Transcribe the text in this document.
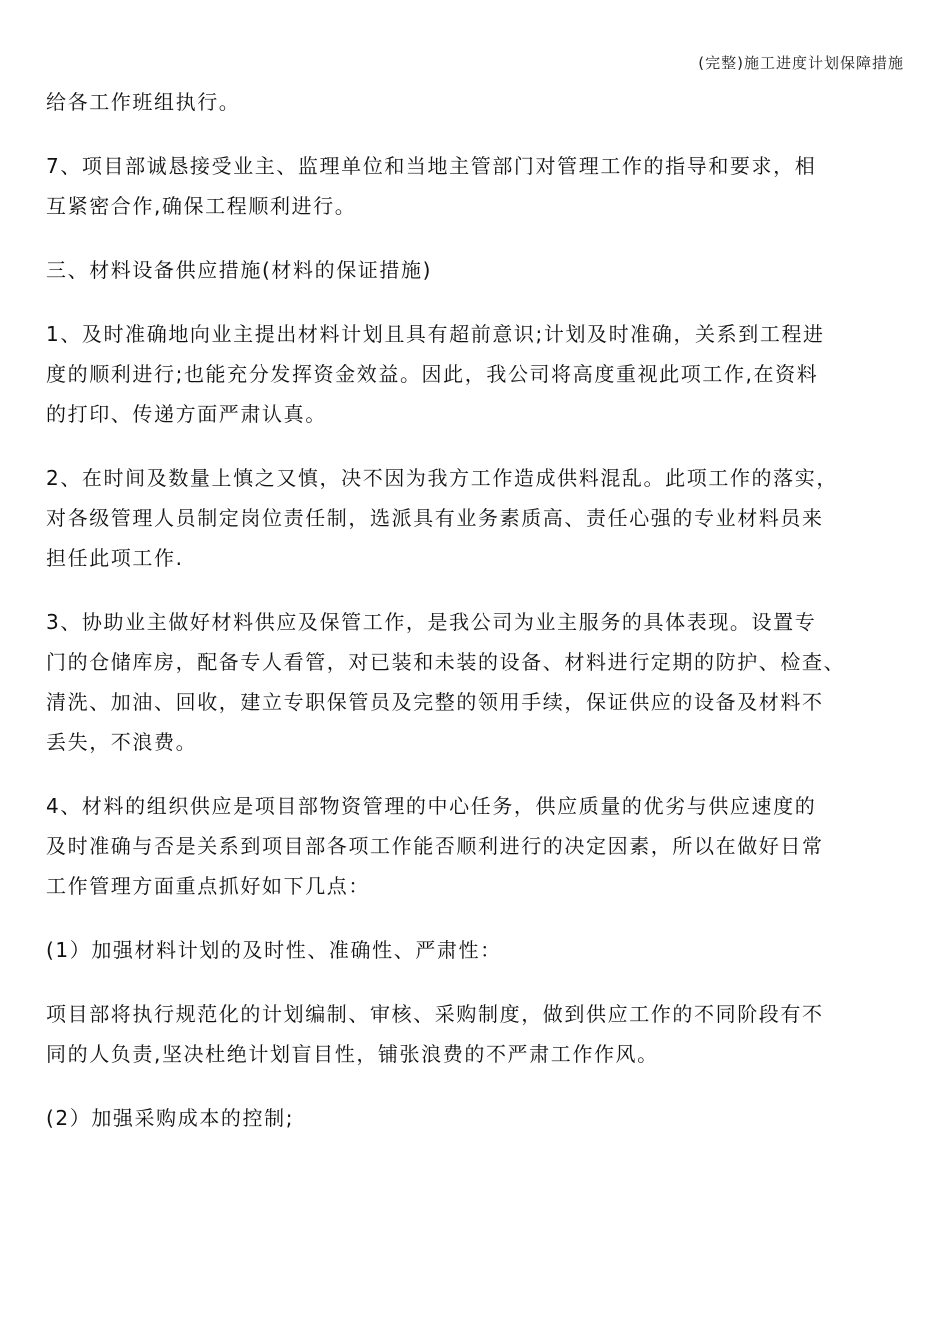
(完整)施工进度计划保障措施
给各工作班组执行。
7、项目部诚恳接受业主、监理单位和当地主管部门对管理工作的指导和要求，相
互紧密合作,确保工程顺利进行。
三、材料设备供应措施(材料的保证措施)
1、及时准确地向业主提出材料计划且具有超前意识;计划及时准确，关系到工程进
度的顺利进行;也能充分发挥资金效益。因此，我公司将高度重视此项工作,在资料
的打印、传递方面严肃认真。
2、在时间及数量上慎之又慎，决不因为我方工作造成供料混乱。此项工作的落实，
对各级管理人员制定岗位责任制，选派具有业务素质高、责任心强的专业材料员来
担任此项工作.
3、协助业主做好材料供应及保管工作，是我公司为业主服务的具体表现。设置专
门的仓储库房，配备专人看管，对已装和未装的设备、材料进行定期的防护、检查、
清洗、加油、回收，建立专职保管员及完整的领用手续，保证供应的设备及材料不
丢失，不浪费。
4、材料的组织供应是项目部物资管理的中心任务，供应质量的优劣与供应速度的
及时准确与否是关系到项目部各项工作能否顺利进行的决定因素，所以在做好日常
工作管理方面重点抓好如下几点：
(1）加强材料计划的及时性、准确性、严肃性：
项目部将执行规范化的计划编制、审核、采购制度，做到供应工作的不同阶段有不
同的人负责,坚决杜绝计划盲目性，铺张浪费的不严肃工作作风。
(2）加强采购成本的控制;
